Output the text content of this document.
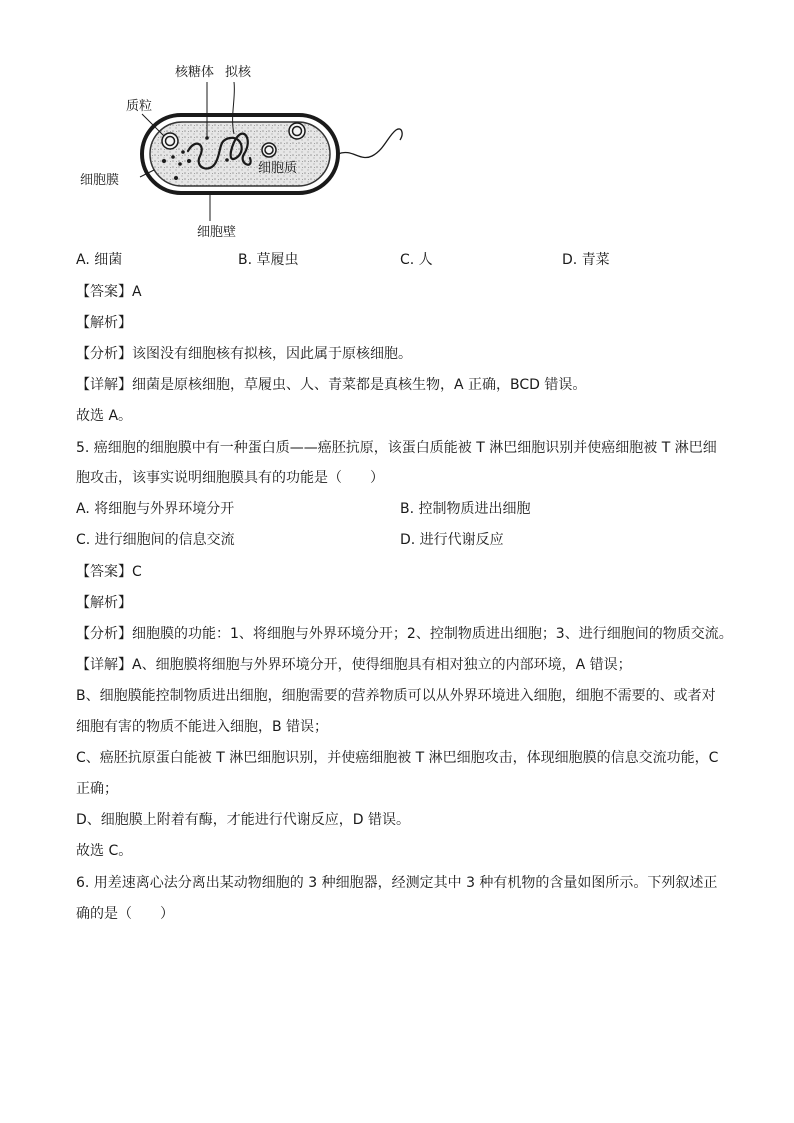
核糖体 拟核
质粒
细胞膜
细胞质
细胞壁
A. 细菌	B. 草履虫	C. 人	D. 青菜
【答案】A
【解析】
【分析】该图没有细胞核有拟核，因此属于原核细胞。
【详解】细菌是原核细胞，草履虫、人、青菜都是真核生物，A 正确，BCD 错误。
故选 A。
5. 癌细胞的细胞膜中有一种蛋白质——癌胚抗原，该蛋白质能被 T 淋巴细胞识别并使癌细胞被 T 淋巴细
胞攻击，该事实说明细胞膜具有的功能是（　　）
A. 将细胞与外界环境分开	B. 控制物质进出细胞
C. 进行细胞间的信息交流	D. 进行代谢反应
【答案】C
【解析】
【分析】细胞膜的功能：1、将细胞与外界环境分开；2、控制物质进出细胞；3、进行细胞间的物质交流。
【详解】A、细胞膜将细胞与外界环境分开，使得细胞具有相对独立的内部环境，A 错误；
B、细胞膜能控制物质进出细胞，细胞需要的营养物质可以从外界环境进入细胞，细胞不需要的、或者对
细胞有害的物质不能进入细胞，B 错误；
C、癌胚抗原蛋白能被 T 淋巴细胞识别，并使癌细胞被 T 淋巴细胞攻击，体现细胞膜的信息交流功能，C
正确；
D、细胞膜上附着有酶，才能进行代谢反应，D 错误。
故选 C。
6. 用差速离心法分离出某动物细胞的 3 种细胞器，经测定其中 3 种有机物的含量如图所示。下列叙述正
确的是（　　）
